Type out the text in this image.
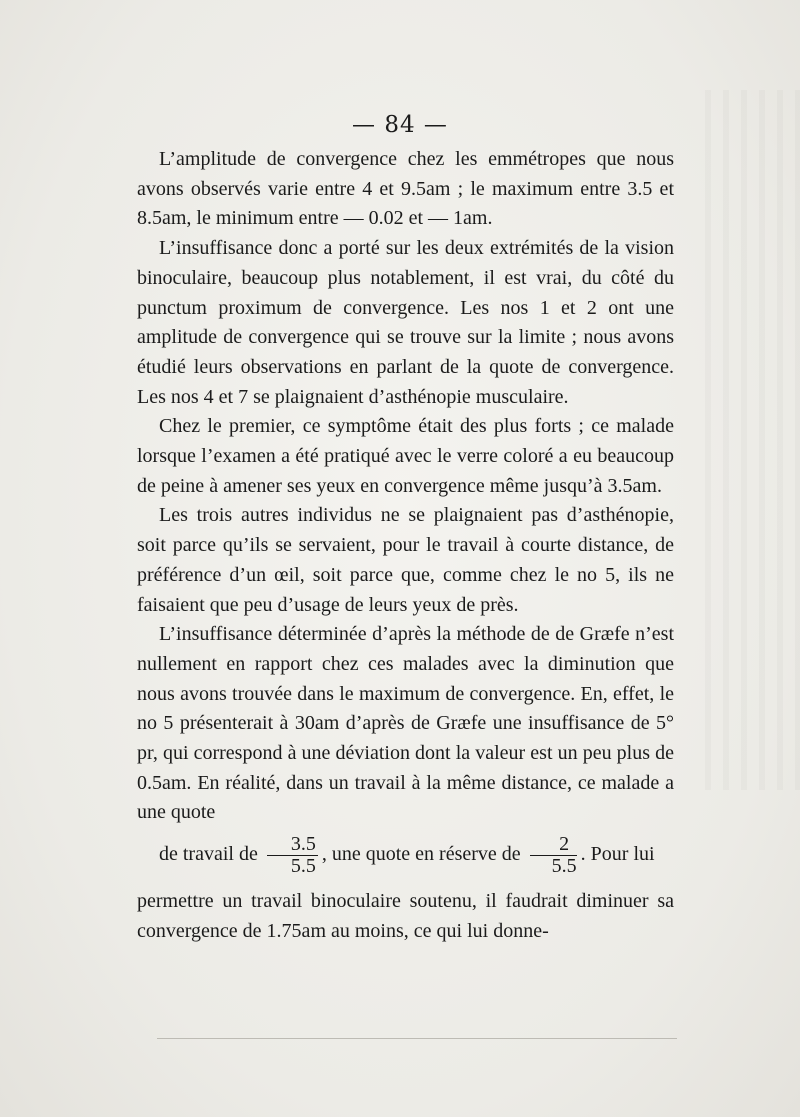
— 84 —

L’amplitude de convergence chez les emmétropes que nous avons observés varie entre 4 et 9.5am ; le maximum entre 3.5 et 8.5am, le minimum entre — 0.02 et — 1am.

L’insuffisance donc a porté sur les deux extrémités de la vision binoculaire, beaucoup plus notablement, il est vrai, du côté du punctum proximum de convergence. Les nos 1 et 2 ont une amplitude de convergence qui se trouve sur la limite ; nous avons étudié leurs observations en parlant de la quote de convergence. Les nos 4 et 7 se plaignaient d’asthénopie musculaire.

Chez le premier, ce symptôme était des plus forts ; ce malade lorsque l’examen a été pratiqué avec le verre coloré a eu beaucoup de peine à amener ses yeux en convergence même jusqu’à 3.5am.

Les trois autres individus ne se plaignaient pas d’asthénopie, soit parce qu’ils se servaient, pour le travail à courte distance, de préférence d’un œil, soit parce que, comme chez le no 5, ils ne faisaient que peu d’usage de leurs yeux de près.

L’insuffisance déterminée d’après la méthode de de Græfe n’est nullement en rapport chez ces malades avec la diminution que nous avons trouvée dans le maximum de convergence. En, effet, le no 5 présenterait à 30am d’après de Græfe une insuffisance de 5° pr, qui correspond à une déviation dont la valeur est un peu plus de 0.5am. En réalité, dans un travail à la même distance, ce malade a une quote

de travail de $\frac{3.5}{5.5}$ , une quote en réserve de $\frac{2}{5.5}$ . Pour lui

permettre un travail binoculaire soutenu, il faudrait diminuer sa convergence de 1.75am au moins, ce qui lui donne-
